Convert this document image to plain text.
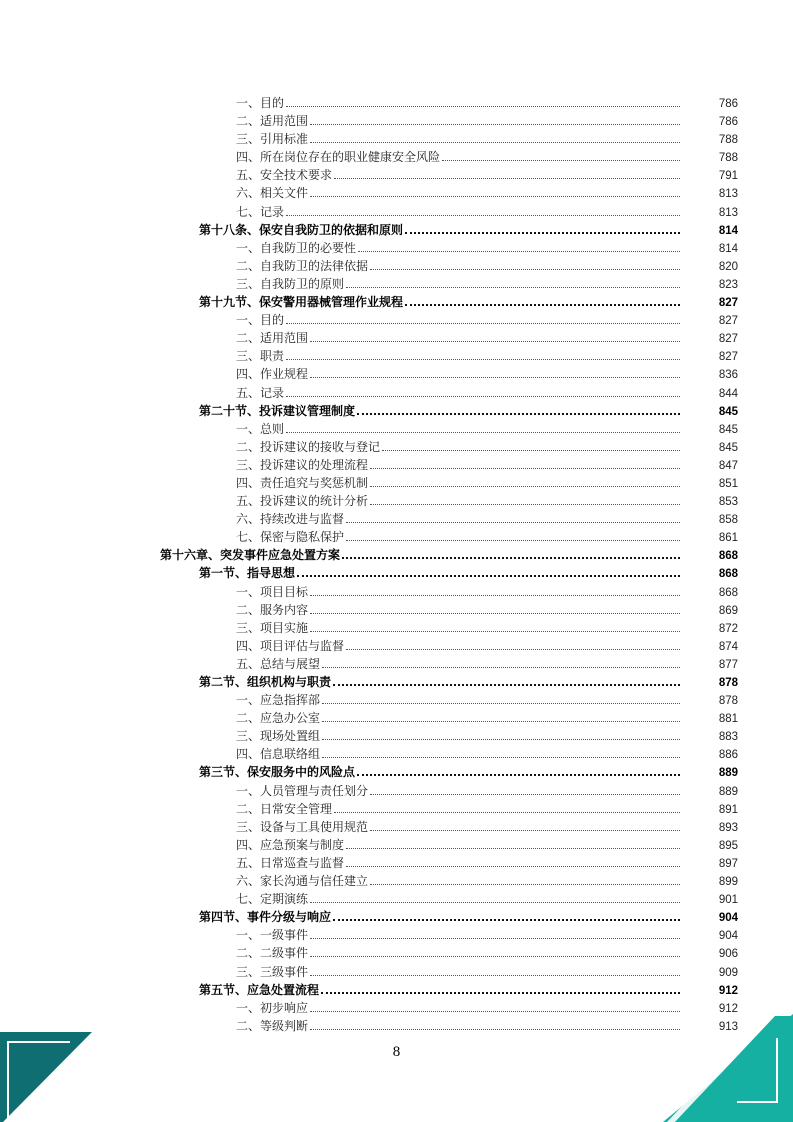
一、目的	786
二、适用范围	786
三、引用标准	788
四、所在岗位存在的职业健康安全风险	788
五、安全技术要求	791
六、相关文件	813
七、记录	813
第十八条、保安自我防卫的依据和原则	814
一、自我防卫的必要性	814
二、自我防卫的法律依据	820
三、自我防卫的原则	823
第十九节、保安警用器械管理作业规程	827
一、目的	827
二、适用范围	827
三、职责	827
四、作业规程	836
五、记录	844
第二十节、投诉建议管理制度	845
一、总则	845
二、投诉建议的接收与登记	845
三、投诉建议的处理流程	847
四、责任追究与奖惩机制	851
五、投诉建议的统计分析	853
六、持续改进与监督	858
七、保密与隐私保护	861
第十六章、突发事件应急处置方案	868
第一节、指导思想	868
一、项目目标	868
二、服务内容	869
三、项目实施	872
四、项目评估与监督	874
五、总结与展望	877
第二节、组织机构与职责	878
一、应急指挥部	878
二、应急办公室	881
三、现场处置组	883
四、信息联络组	886
第三节、保安服务中的风险点	889
一、人员管理与责任划分	889
二、日常安全管理	891
三、设备与工具使用规范	893
四、应急预案与制度	895
五、日常巡查与监督	897
六、家长沟通与信任建立	899
七、定期演练	901
第四节、事件分级与响应	904
一、一级事件	904
二、二级事件	906
三、三级事件	909
第五节、应急处置流程	912
一、初步响应	912
二、等级判断	913
8
